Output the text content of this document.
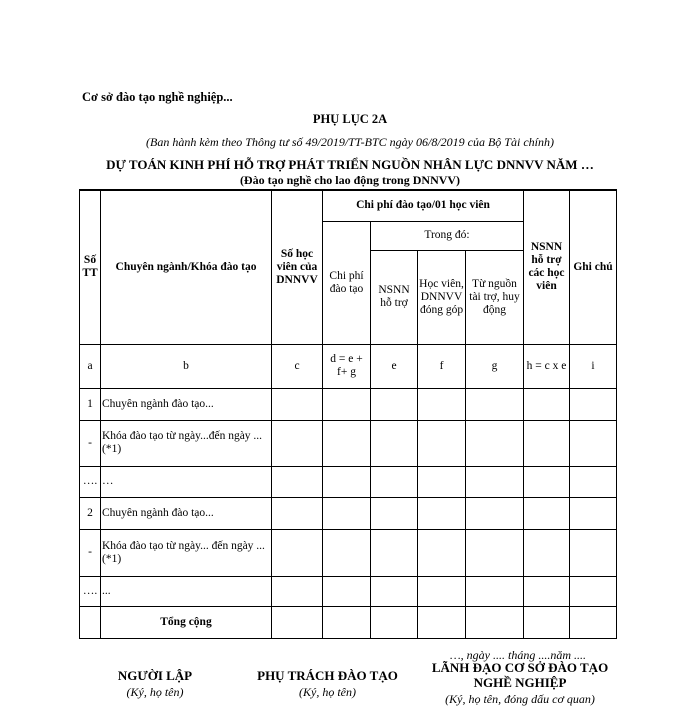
Cơ sở đào tạo nghề nghiệp...
PHỤ LỤC 2A
(Ban hành kèm theo Thông tư số 49/2019/TT-BTC ngày 06/8/2019 của Bộ Tài chính)
DỰ TOÁN KINH PHÍ HỖ TRỢ PHÁT TRIỂN NGUỒN NHÂN LỰC DNNVV NĂM …
(Đào tạo nghề cho lao động trong DNNVV)
Số TT	Chuyên ngành/Khóa đào tạo	Số học viên của DNNVV	Chi phí đào tạo/01 học viên				NSNN hỗ trợ các học viên	Ghi chú
			Chi phí đào tạo	Trong đó:				
				NSNN hỗ trợ	Học viên, DNNVV đóng góp	Từ nguồn tài trợ, huy động		
a	b	c	d = e + f+ g	e	f	g	h = c x e	i
1	Chuyên ngành đào tạo...							
-	Khóa đào tạo từ ngày...đến ngày ... (*1)							
….	…							
2	Chuyên ngành đào tạo...							
-	Khóa đào tạo từ ngày... đến ngày ... (*1)							
….	...							
	Tổng cộng							
…, ngày .... tháng ....năm ....
NGƯỜI LẬP
(Ký, họ tên)
PHỤ TRÁCH ĐÀO TẠO
(Ký, họ tên)
LÃNH ĐẠO CƠ SỞ ĐÀO TẠO NGHỀ NGHIỆP
(Ký, họ tên, đóng dấu cơ quan)
